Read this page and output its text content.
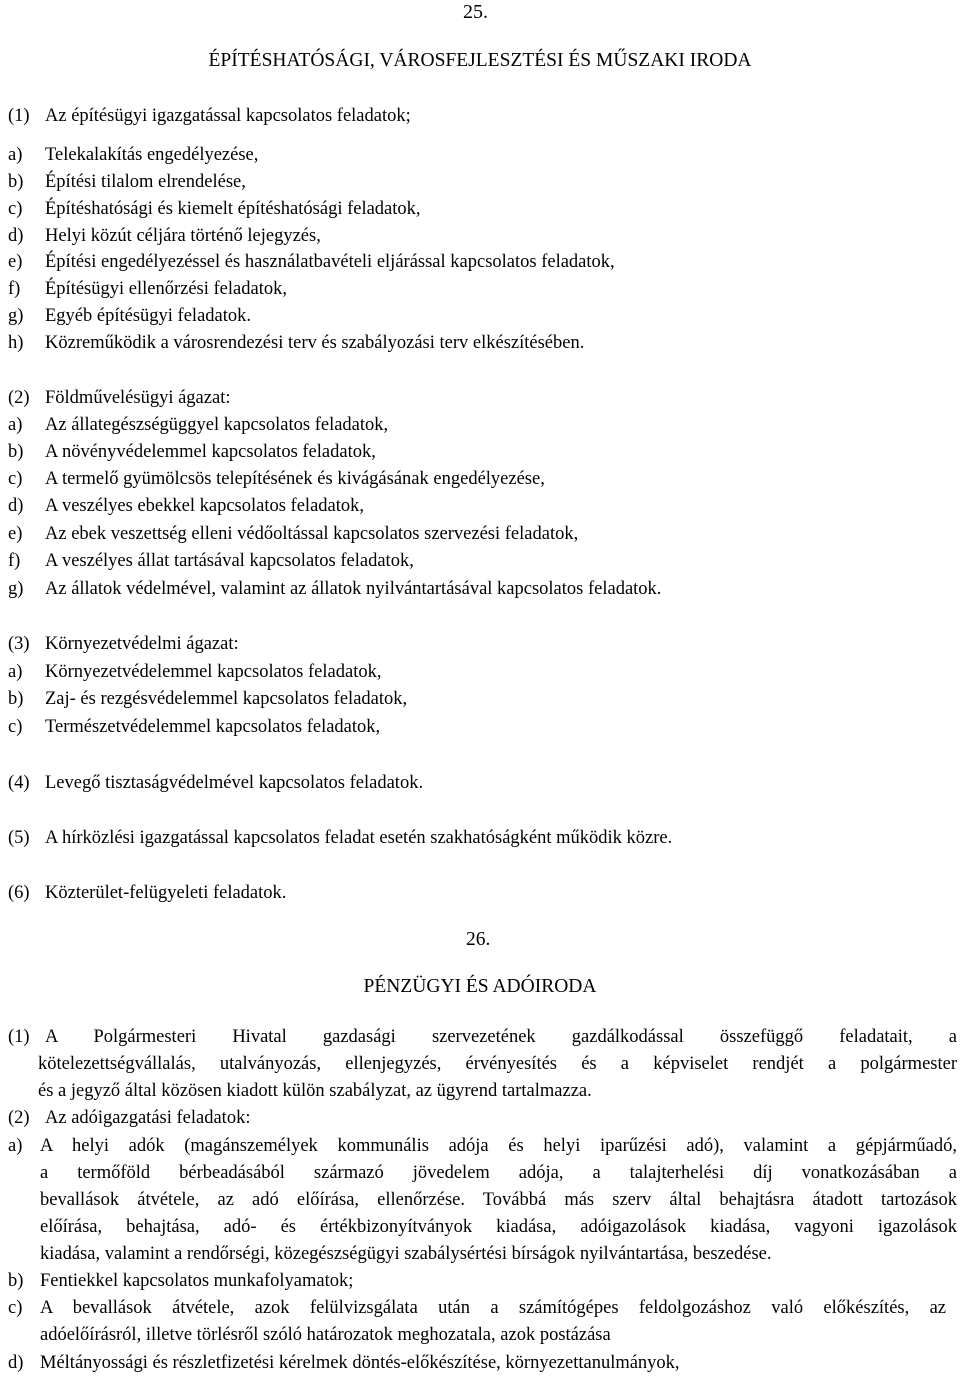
25.
ÉPÍTÉSHATÓSÁGI, VÁROSFEJLESZTÉSI ÉS MŰSZAKI IRODA
(1) Az építésügyi igazgatással kapcsolatos feladatok;
a) Telekalakítás engedélyezése,
b) Építési tilalom elrendelése,
c) Építéshatósági és kiemelt építéshatósági feladatok,
d) Helyi közút céljára történő lejegyzés,
e) Építési engedélyezéssel és használatbavételi eljárással kapcsolatos feladatok,
f) Építésügyi ellenőrzési feladatok,
g) Egyéb építésügyi feladatok.
h) Közreműködik a városrendezési terv és szabályozási terv elkészítésében.
(2) Földművelésügyi ágazat:
a) Az állategészségüggyel kapcsolatos feladatok,
b) A növényvédelemmel kapcsolatos feladatok,
c) A termelő gyümölcsös telepítésének és kivágásának engedélyezése,
d) A veszélyes ebekkel kapcsolatos feladatok,
e) Az ebek veszettség elleni védőoltással kapcsolatos szervezési feladatok,
f) A veszélyes állat tartásával kapcsolatos feladatok,
g) Az állatok védelmével, valamint az állatok nyilvántartásával kapcsolatos feladatok.
(3) Környezetvédelmi ágazat:
a) Környezetvédelemmel kapcsolatos feladatok,
b) Zaj- és rezgésvédelemmel kapcsolatos feladatok,
c) Természetvédelemmel kapcsolatos feladatok,
(4) Levegő tisztaságvédelmével kapcsolatos feladatok.
(5) A hírközlési igazgatással kapcsolatos feladat esetén szakhatóságként működik közre.
(6) Közterület-felügyeleti feladatok.
26.
PÉNZÜGYI ÉS ADÓIRODA
(1) A Polgármesteri Hivatal gazdasági szervezetének gazdálkodással összefüggő feladatait, a
kötelezettségvállalás, utalványozás, ellenjegyzés, érvényesítés és a képviselet rendjét a polgármester
és a jegyző által közösen kiadott külön szabályzat, az ügyrend tartalmazza.
(2) Az adóigazgatási feladatok:
a) A helyi adók (magánszemélyek kommunális adója és helyi iparűzési adó), valamint a gépjárműadó,
a termőföld bérbeadásából származó jövedelem adója, a talajterhelési díj vonatkozásában a
bevallások átvétele, az adó előírása, ellenőrzése. Továbbá más szerv által behajtásra átadott tartozások
előírása, behajtása, adó- és értékbizonyítványok kiadása, adóigazolások kiadása, vagyoni igazolások
kiadása, valamint a rendőrségi, közegészségügyi szabálysértési bírságok nyilvántartása, beszedése.
b) Fentiekkel kapcsolatos munkafolyamatok;
c) A bevallások átvétele, azok felülvizsgálata után a számítógépes feldolgozáshoz való előkészítés, az
adóelőírásról, illetve törlésről szóló határozatok meghozatala, azok postázása
d) Méltányossági és részletfizetési kérelmek döntés-előkészítése, környezettanulmányok,
